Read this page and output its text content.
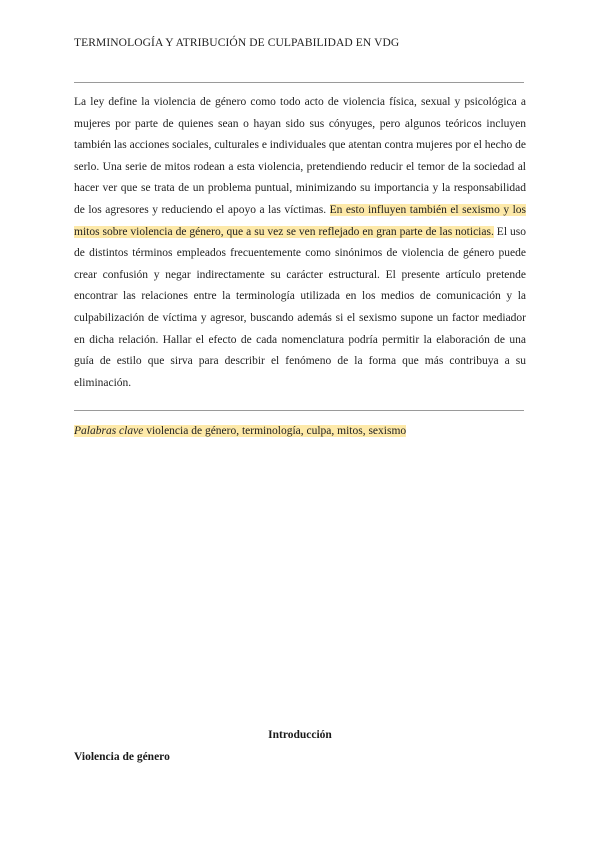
TERMINOLOGÍA Y ATRIBUCIÓN DE CULPABILIDAD EN VDG
La ley define la violencia de género como todo acto de violencia física, sexual y psicológica a mujeres por parte de quienes sean o hayan sido sus cónyuges, pero algunos teóricos incluyen también las acciones sociales, culturales e individuales que atentan contra mujeres por el hecho de serlo. Una serie de mitos rodean a esta violencia, pretendiendo reducir el temor de la sociedad al hacer ver que se trata de un problema puntual, minimizando su importancia y la responsabilidad de los agresores y reduciendo el apoyo a las víctimas. En esto influyen también el sexismo y los mitos sobre violencia de género, que a su vez se ven reflejado en gran parte de las noticias. El uso de distintos términos empleados frecuentemente como sinónimos de violencia de género puede crear confusión y negar indirectamente su carácter estructural. El presente artículo pretende encontrar las relaciones entre la terminología utilizada en los medios de comunicación y la culpabilización de víctima y agresor, buscando además si el sexismo supone un factor mediador en dicha relación. Hallar el efecto de cada nomenclatura podría permitir la elaboración de una guía de estilo que sirva para describir el fenómeno de la forma que más contribuya a su eliminación.
Palabras clave violencia de género, terminología, culpa, mitos, sexismo
Introducción
Violencia de género
